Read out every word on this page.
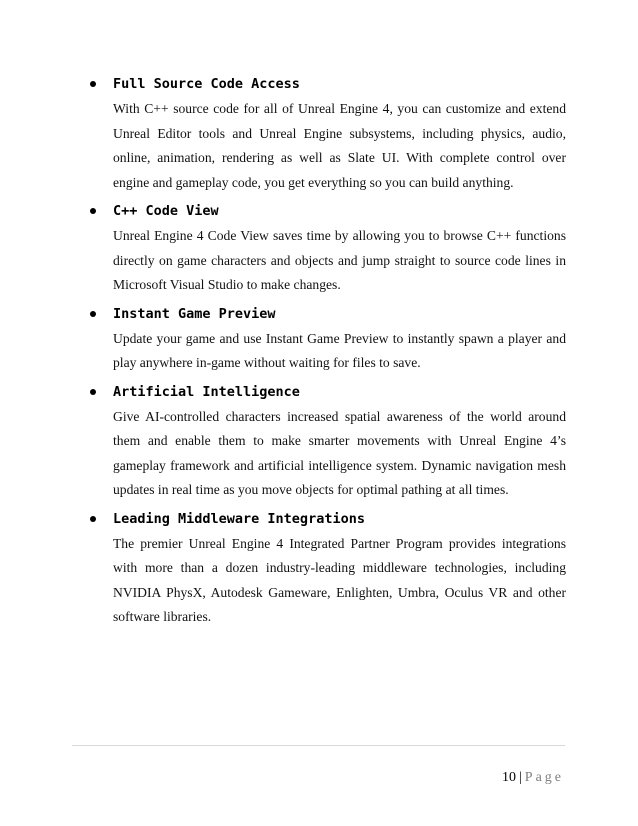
Full Source Code Access
With C++ source code for all of Unreal Engine 4, you can customize and extend Unreal Editor tools and Unreal Engine subsystems, including physics, audio, online, animation, rendering as well as Slate UI. With complete control over engine and gameplay code, you get everything so you can build anything.
C++ Code View
Unreal Engine 4 Code View saves time by allowing you to browse C++ functions directly on game characters and objects and jump straight to source code lines in Microsoft Visual Studio to make changes.
Instant Game Preview
Update your game and use Instant Game Preview to instantly spawn a player and play anywhere in-game without waiting for files to save.
Artificial Intelligence
Give AI-controlled characters increased spatial awareness of the world around them and enable them to make smarter movements with Unreal Engine 4’s gameplay framework and artificial intelligence system. Dynamic navigation mesh updates in real time as you move objects for optimal pathing at all times.
Leading Middleware Integrations
The premier Unreal Engine 4 Integrated Partner Program provides integrations with more than a dozen industry-leading middleware technologies, including NVIDIA PhysX, Autodesk Gameware, Enlighten, Umbra, Oculus VR and other software libraries.
10 | Page
